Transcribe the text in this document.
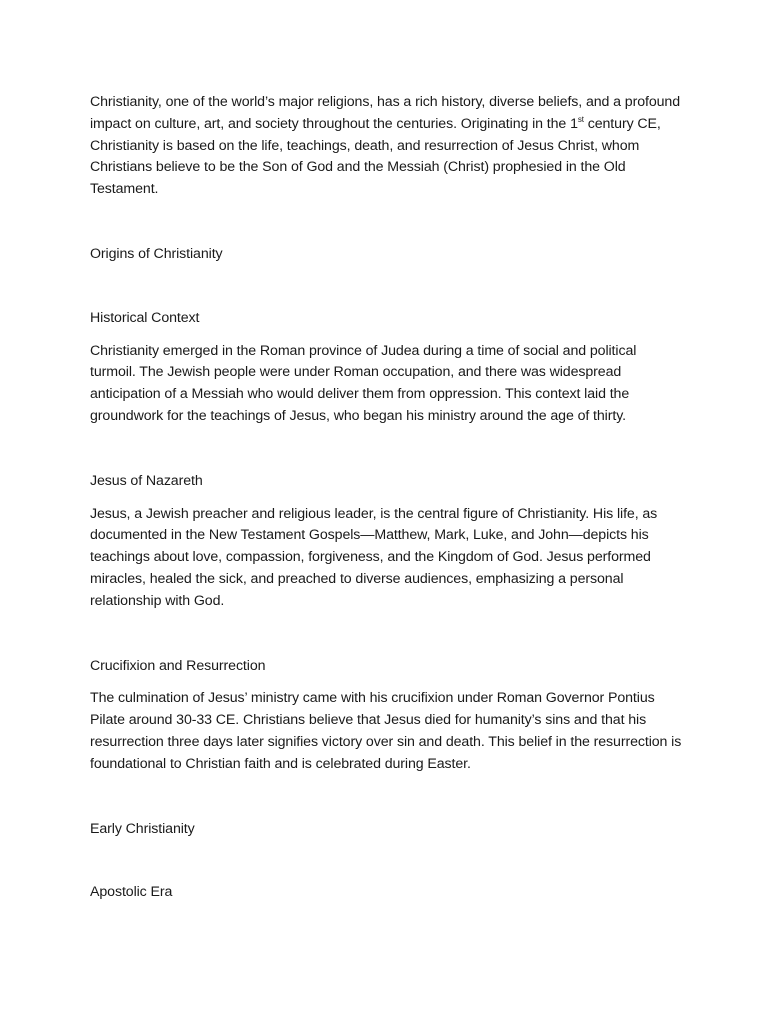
Christianity, one of the world’s major religions, has a rich history, diverse beliefs, and a profound impact on culture, art, and society throughout the centuries. Originating in the 1st century CE, Christianity is based on the life, teachings, death, and resurrection of Jesus Christ, whom Christians believe to be the Son of God and the Messiah (Christ) prophesied in the Old Testament.

Origins of Christianity

Historical Context

Christianity emerged in the Roman province of Judea during a time of social and political turmoil. The Jewish people were under Roman occupation, and there was widespread anticipation of a Messiah who would deliver them from oppression. This context laid the groundwork for the teachings of Jesus, who began his ministry around the age of thirty.

Jesus of Nazareth

Jesus, a Jewish preacher and religious leader, is the central figure of Christianity. His life, as documented in the New Testament Gospels—Matthew, Mark, Luke, and John—depicts his teachings about love, compassion, forgiveness, and the Kingdom of God. Jesus performed miracles, healed the sick, and preached to diverse audiences, emphasizing a personal relationship with God.

Crucifixion and Resurrection

The culmination of Jesus’ ministry came with his crucifixion under Roman Governor Pontius Pilate around 30-33 CE. Christians believe that Jesus died for humanity’s sins and that his resurrection three days later signifies victory over sin and death. This belief in the resurrection is foundational to Christian faith and is celebrated during Easter.

Early Christianity

Apostolic Era
